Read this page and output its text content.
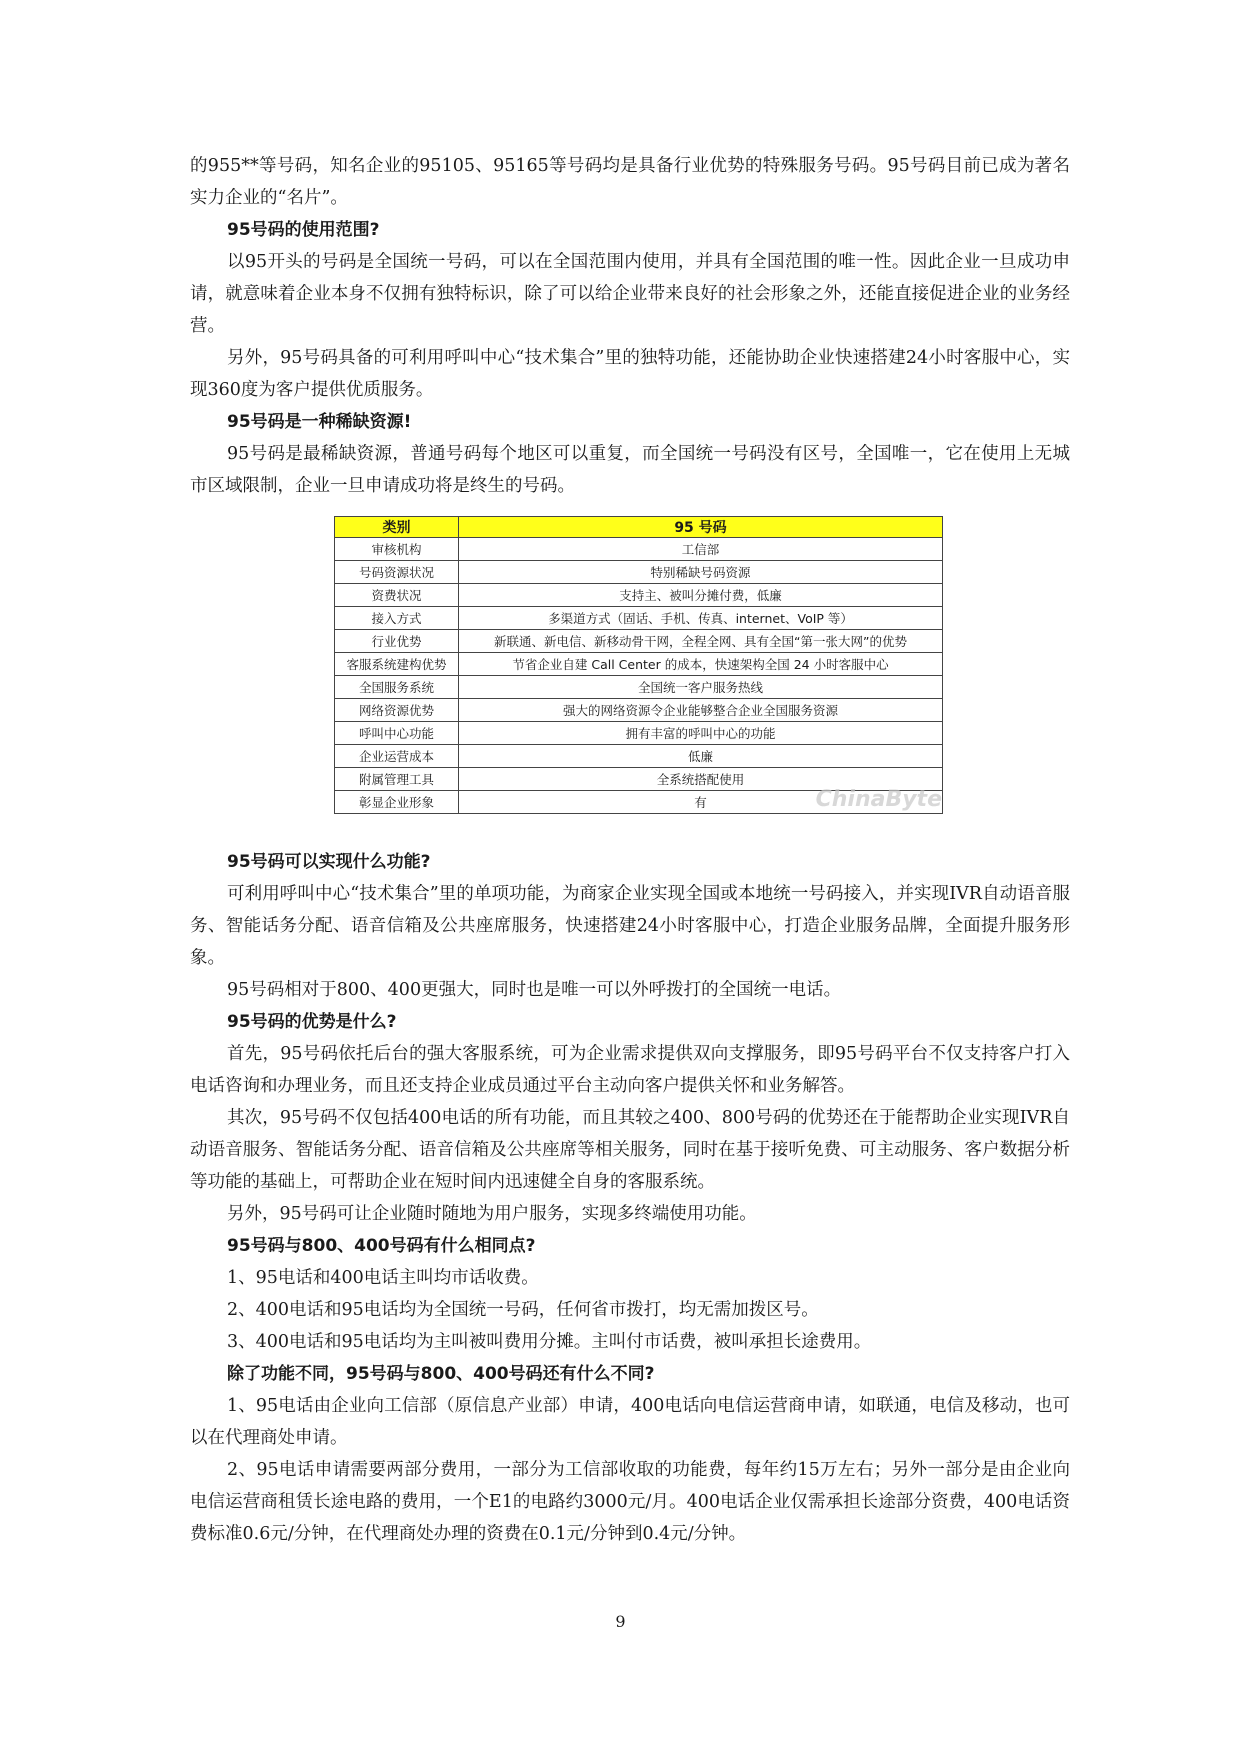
的955**等号码，知名企业的95105、95165等号码均是具备行业优势的特殊服务号码。95号码目前已成为著名实力企业的“名片”。

95号码的使用范围?

以95开头的号码是全国统一号码，可以在全国范围内使用，并具有全国范围的唯一性。因此企业一旦成功申请，就意味着企业本身不仅拥有独特标识，除了可以给企业带来良好的社会形象之外，还能直接促进企业的业务经营。

另外，95号码具备的可利用呼叫中心“技术集合”里的独特功能，还能协助企业快速搭建24小时客服中心，实现360度为客户提供优质服务。

95号码是一种稀缺资源!

95号码是最稀缺资源，普通号码每个地区可以重复，而全国统一号码没有区号，全国唯一，它在使用上无城市区域限制，企业一旦申请成功将是终生的号码。

类别	95 号码
审核机构	工信部
号码资源状况	特别稀缺号码资源
资费状况	支持主、被叫分摊付费，低廉
接入方式	多渠道方式（固话、手机、传真、internet、VoIP 等）
行业优势	新联通、新电信、新移动骨干网，全程全网、具有全国“第一张大网”的优势
客服系统建构优势	节省企业自建 Call Center 的成本，快速架构全国 24 小时客服中心
全国服务系统	全国统一客户服务热线
网络资源优势	强大的网络资源令企业能够整合企业全国服务资源
呼叫中心功能	拥有丰富的呼叫中心的功能
企业运营成本	低廉
附属管理工具	全系统搭配使用
彰显企业形象	有	ChinaByte

95号码可以实现什么功能?

可利用呼叫中心“技术集合”里的单项功能，为商家企业实现全国或本地统一号码接入，并实现IVR自动语音服务、智能话务分配、语音信箱及公共座席服务，快速搭建24小时客服中心，打造企业服务品牌，全面提升服务形象。

95号码相对于800、400更强大，同时也是唯一可以外呼拨打的全国统一电话。

95号码的优势是什么?

首先，95号码依托后台的强大客服系统，可为企业需求提供双向支撑服务，即95号码平台不仅支持客户打入电话咨询和办理业务，而且还支持企业成员通过平台主动向客户提供关怀和业务解答。

其次，95号码不仅包括400电话的所有功能，而且其较之400、800号码的优势还在于能帮助企业实现IVR自动语音服务、智能话务分配、语音信箱及公共座席等相关服务，同时在基于接听免费、可主动服务、客户数据分析等功能的基础上，可帮助企业在短时间内迅速健全自身的客服系统。

另外，95号码可让企业随时随地为用户服务，实现多终端使用功能。

95号码与800、400号码有什么相同点?

1、95电话和400电话主叫均市话收费。

2、400电话和95电话均为全国统一号码，任何省市拨打，均无需加拨区号。

3、400电话和95电话均为主叫被叫费用分摊。主叫付市话费，被叫承担长途费用。

除了功能不同，95号码与800、400号码还有什么不同?

1、95电话由企业向工信部（原信息产业部）申请，400电话向电信运营商申请，如联通，电信及移动，也可以在代理商处申请。

2、95电话申请需要两部分费用，一部分为工信部收取的功能费，每年约15万左右；另外一部分是由企业向电信运营商租赁长途电路的费用，一个E1的电路约3000元/月。400电话企业仅需承担长途部分资费，400电话资费标准0.6元/分钟，在代理商处办理的资费在0.1元/分钟到0.4元/分钟。

9
